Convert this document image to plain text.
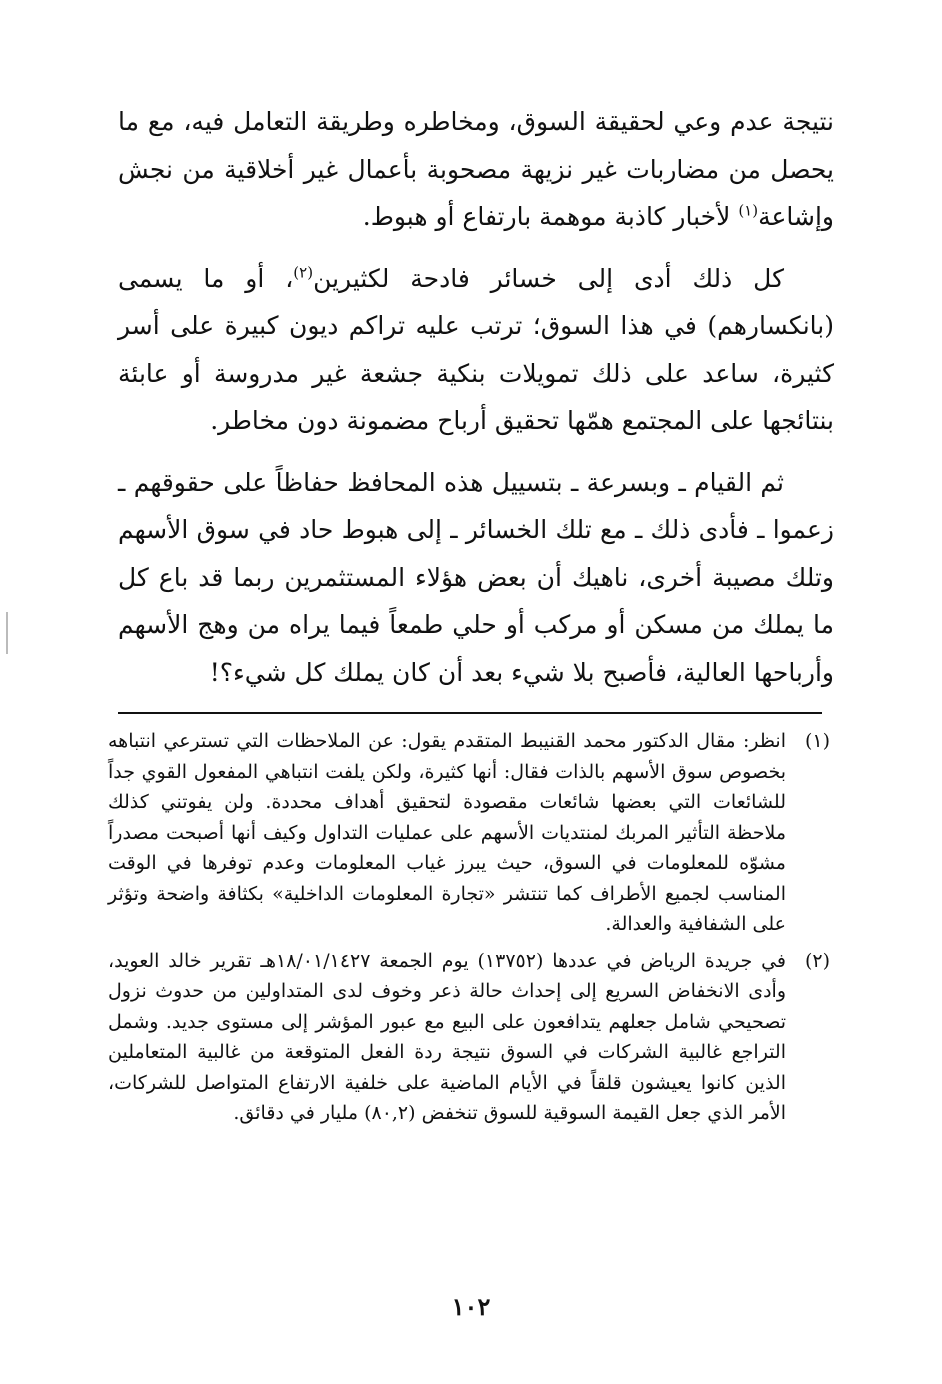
نتيجة عدم وعي لحقيقة السوق، ومخاطره وطريقة التعامل فيه، مع ما يحصل من مضاربات غير نزيهة مصحوبة بأعمال غير أخلاقية من نجش وإشاعة$^{(١)}$ لأخبار كاذبة موهمة بارتفاع أو هبوط.

كل ذلك أدى إلى خسائر فادحة لكثيرين$^{(٢)}$، أو ما يسمى (بانكسارهم) في هذا السوق؛ ترتب عليه تراكم ديون كبيرة على أسر كثيرة، ساعد على ذلك تمويلات بنكية جشعة غير مدروسة أو عابئة بنتائجها على المجتمع همّها تحقيق أرباح مضمونة دون مخاطر.

ثم القيام ـ وبسرعة ـ بتسييل هذه المحافظ حفاظاً على حقوقهم ـ زعموا ـ فأدى ذلك ـ مع تلك الخسائر ـ إلى هبوط حاد في سوق الأسهم وتلك مصيبة أخرى، ناهيك أن بعض هؤلاء المستثمرين ربما قد باع كل ما يملك من مسكن أو مركب أو حلي طمعاً فيما يراه من وهج الأسهم وأرباحها العالية، فأصبح بلا شيء بعد أن كان يملك كل شيء؟!

(١)
انظر: مقال الدكتور محمد القنيبط المتقدم يقول: عن الملاحظات التي تسترعي انتباهه بخصوص سوق الأسهم بالذات فقال: أنها كثيرة، ولكن يلفت انتباهي المفعول القوي جداً للشائعات التي بعضها شائعات مقصودة لتحقيق أهداف محددة. ولن يفوتني كذلك ملاحظة التأثير المربك لمنتديات الأسهم على عمليات التداول وكيف أنها أصبحت مصدراً مشوّه للمعلومات في السوق، حيث يبرز غياب المعلومات وعدم توفرها في الوقت المناسب لجميع الأطراف كما تنتشر «تجارة المعلومات الداخلية» بكثافة واضحة وتؤثر على الشفافية والعدالة.
(٢)
في جريدة الرياض في عددها (١٣٧٥٢) يوم الجمعة ١٨/٠١/١٤٢٧هـ تقرير خالد العويد، وأدى الانخفاض السريع إلى إحداث حالة ذعر وخوف لدى المتداولين من حدوث نزول تصحيحي شامل جعلهم يتدافعون على البيع مع عبور المؤشر إلى مستوى جديد. وشمل التراجع غالبية الشركات في السوق نتيجة ردة الفعل المتوقعة من غالبية المتعاملين الذين كانوا يعيشون قلقاً في الأيام الماضية على خلفية الارتفاع المتواصل للشركات، الأمر الذي جعل القيمة السوقية للسوق تنخفض (٨٠,٢) مليار في دقائق.
١٠٢
